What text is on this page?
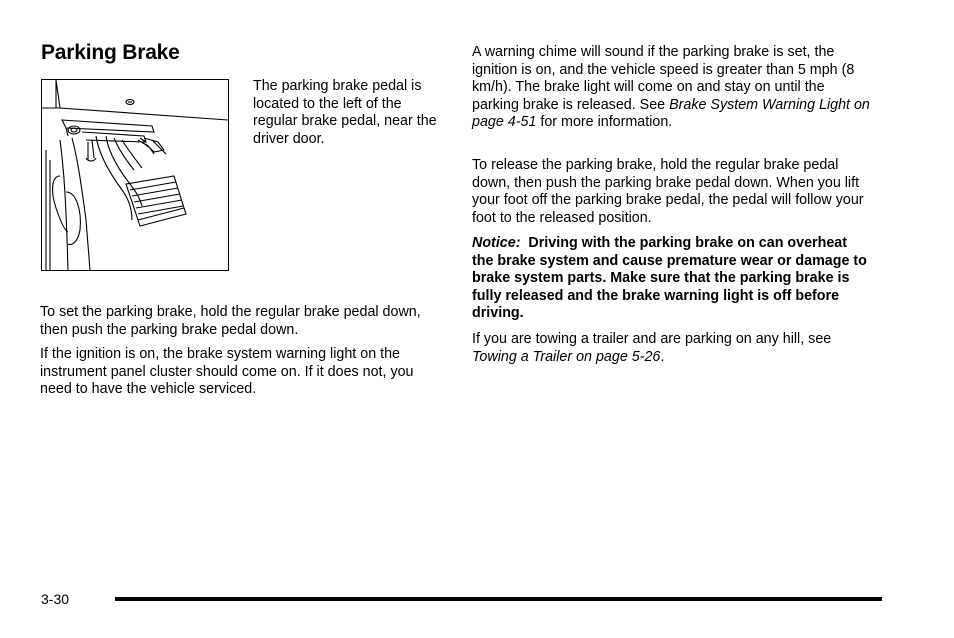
Parking Brake

The parking brake pedal is located to the left of the regular brake pedal, near the driver door.

To set the parking brake, hold the regular brake pedal down, then push the parking brake pedal down.

If the ignition is on, the brake system warning light on the instrument panel cluster should come on. If it does not, you need to have the vehicle serviced.

A warning chime will sound if the parking brake is set, the ignition is on, and the vehicle speed is greater than 5 mph (8 km/h). The brake light will come on and stay on until the parking brake is released. See Brake System Warning Light on page 4-51 for more information.

To release the parking brake, hold the regular brake pedal down, then push the parking brake pedal down. When you lift your foot off the parking brake pedal, the pedal will follow your foot to the released position.

Notice: Driving with the parking brake on can overheat the brake system and cause premature wear or damage to brake system parts. Make sure that the parking brake is fully released and the brake warning light is off before driving.

If you are towing a trailer and are parking on any hill, see Towing a Trailer on page 5-26.

3-30
